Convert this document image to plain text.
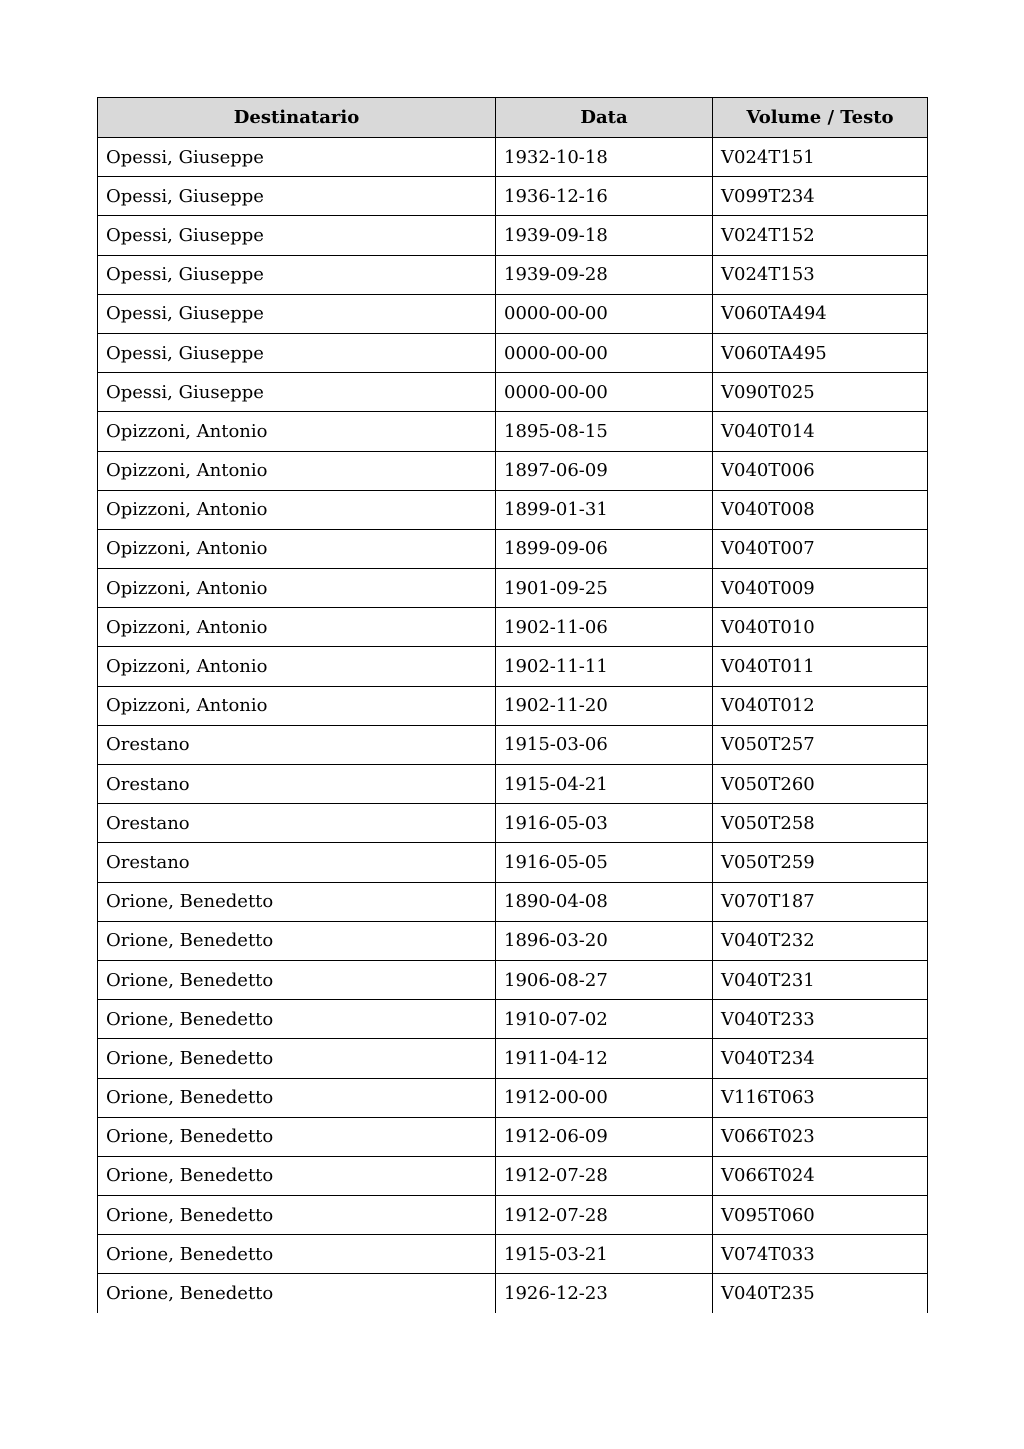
Destinatario	Data	Volume / Testo
Opessi, Giuseppe	1932-10-18	V024T151
Opessi, Giuseppe	1936-12-16	V099T234
Opessi, Giuseppe	1939-09-18	V024T152
Opessi, Giuseppe	1939-09-28	V024T153
Opessi, Giuseppe	0000-00-00	V060TA494
Opessi, Giuseppe	0000-00-00	V060TA495
Opessi, Giuseppe	0000-00-00	V090T025
Opizzoni, Antonio	1895-08-15	V040T014
Opizzoni, Antonio	1897-06-09	V040T006
Opizzoni, Antonio	1899-01-31	V040T008
Opizzoni, Antonio	1899-09-06	V040T007
Opizzoni, Antonio	1901-09-25	V040T009
Opizzoni, Antonio	1902-11-06	V040T010
Opizzoni, Antonio	1902-11-11	V040T011
Opizzoni, Antonio	1902-11-20	V040T012
Orestano	1915-03-06	V050T257
Orestano	1915-04-21	V050T260
Orestano	1916-05-03	V050T258
Orestano	1916-05-05	V050T259
Orione, Benedetto	1890-04-08	V070T187
Orione, Benedetto	1896-03-20	V040T232
Orione, Benedetto	1906-08-27	V040T231
Orione, Benedetto	1910-07-02	V040T233
Orione, Benedetto	1911-04-12	V040T234
Orione, Benedetto	1912-00-00	V116T063
Orione, Benedetto	1912-06-09	V066T023
Orione, Benedetto	1912-07-28	V066T024
Orione, Benedetto	1912-07-28	V095T060
Orione, Benedetto	1915-03-21	V074T033
Orione, Benedetto	1926-12-23	V040T235
